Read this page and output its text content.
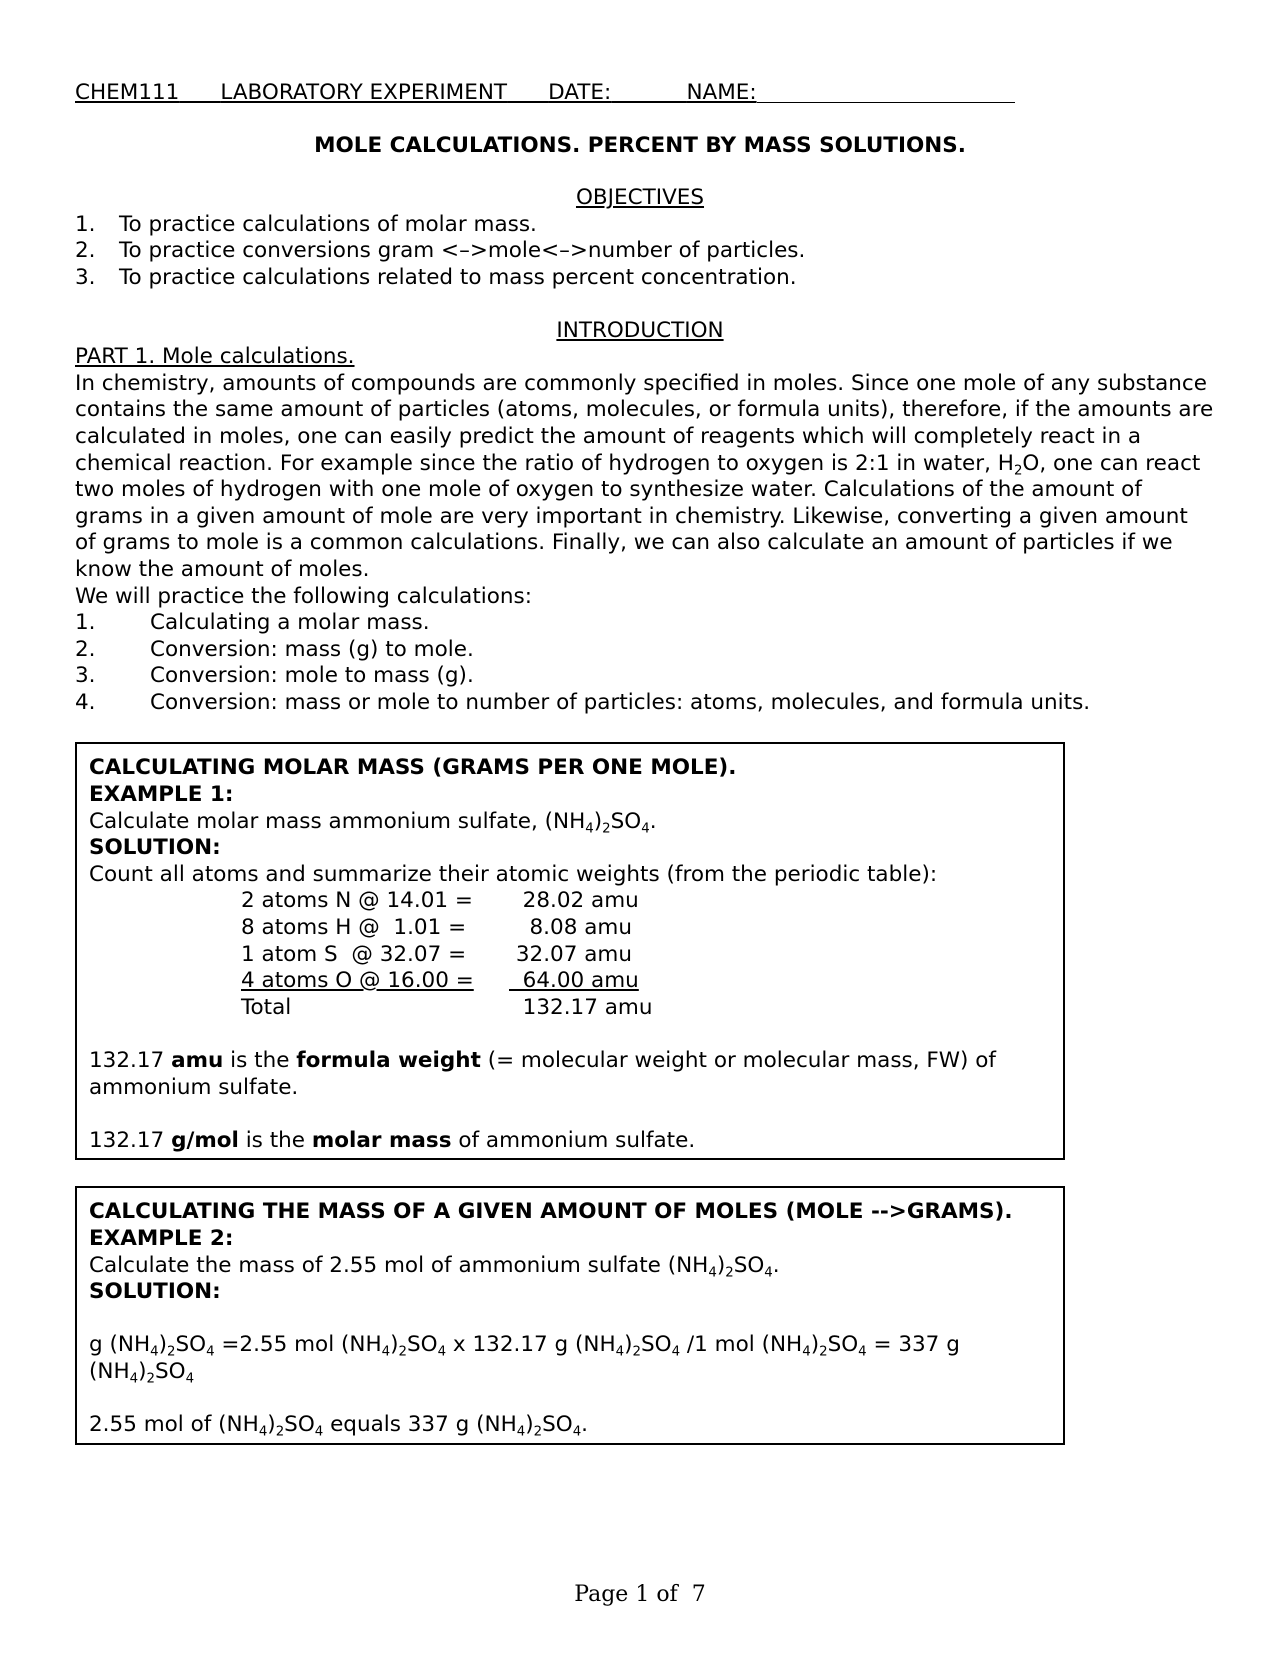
CHEM111
LABORATORY EXPERIMENT
DATE:
	NAME:
MOLE CALCULATIONS. PERCENT BY MASS SOLUTIONS.
OBJECTIVES
1.	To practice calculations of molar mass.
2.	To practice conversions gram <–>mole<–>number of particles.
3.	To practice calculations related to mass percent concentration.
INTRODUCTION
PART 1. Mole calculations.
In chemistry, amounts of compounds are commonly specified in moles. Since one mole of any substance contains the same amount of particles (atoms, molecules, or formula units), therefore, if the amounts are calculated in moles, one can easily predict the amount of reagents which will completely react in a chemical reaction. For example since the ratio of hydrogen to oxygen is 2:1 in water, $H_2O$, one can react two moles of hydrogen with one mole of oxygen to synthesize water. Calculations of the amount of grams in a given amount of mole are very important in chemistry. Likewise, converting a given amount of grams to mole is a common calculations. Finally, we can also calculate an amount of particles if we know the amount of moles.
We will practice the following calculations:
1.	Calculating a molar mass.
2.	Conversion: mass (g) to mole.
3.	Conversion: mole to mass (g).
4.	Conversion: mass or mole to number of particles: atoms, molecules, and formula units.
CALCULATING MOLAR MASS (GRAMS PER ONE MOLE).
EXAMPLE 1:
Calculate molar mass ammonium sulfate, $(NH_4)_2SO_4$.
SOLUTION:
Count all atoms and summarize their atomic weights (from the periodic table):
2 atoms N @ 14.01 =	28.02 amu
8 atoms H @  1.01 =	8.08 amu
1 atom S  @ 32.07 =	32.07 amu
4 atoms O @ 16.00 =	64.00 amu
Total	132.17 amu
132.17 amu is the formula weight (= molecular weight or molecular mass, FW) of ammonium sulfate.
132.17 g/mol is the molar mass of ammonium sulfate.
CALCULATING THE MASS OF A GIVEN AMOUNT OF MOLES (MOLE -->GRAMS).
EXAMPLE 2:
Calculate the mass of 2.55 mol of ammonium sulfate $(NH_4)_2SO_4$.
SOLUTION:
g $(NH_4)_2SO_4 =2.55$ mol $(NH_4)_2SO_4$ x 132.17 g $(NH_4)_2SO_4$ /1 mol $(NH_4)_2SO_4 = 337$ g $(NH_4)_2SO_4$
2.55 mol of $(NH_4)_2SO_4$ equals 337 g $(NH_4)_2SO_4$.
Page 1 of  7
